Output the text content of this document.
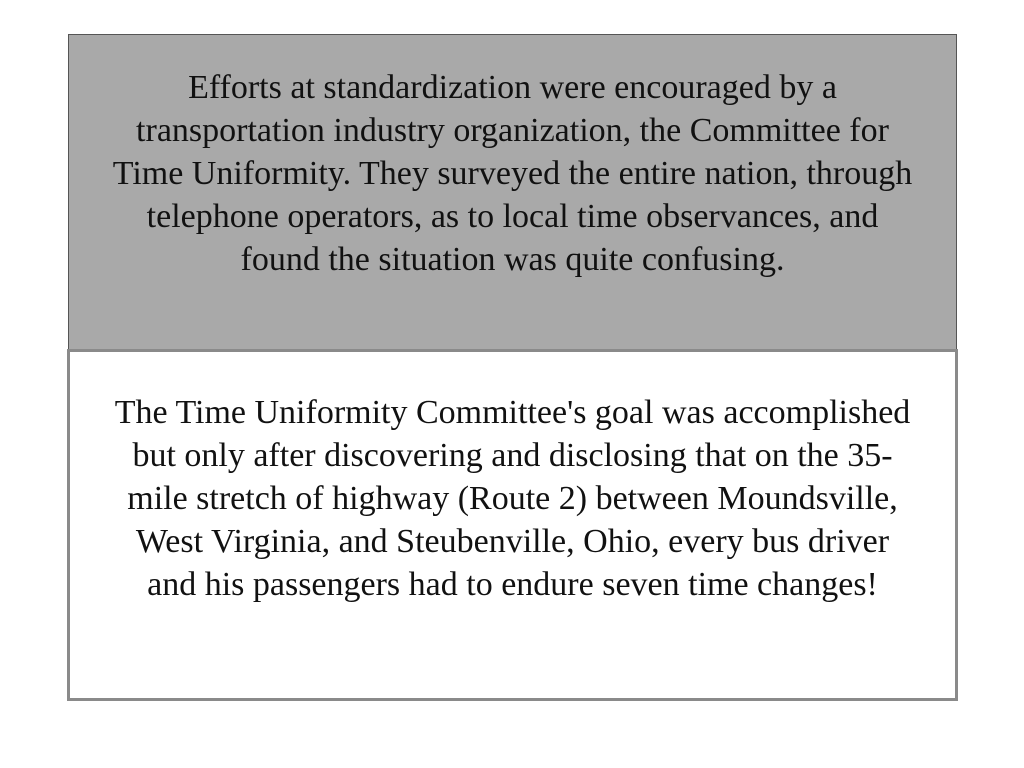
Efforts at standardization were encouraged by a transportation industry organization, the Committee for Time Uniformity. They surveyed the entire nation, through telephone operators, as to local time observances, and found the situation was quite confusing.

The Time Uniformity Committee's goal was accomplished but only after discovering and disclosing that on the 35-mile stretch of highway (Route 2) between Moundsville, West Virginia, and Steubenville, Ohio, every bus driver and his passengers had to endure seven time changes!
